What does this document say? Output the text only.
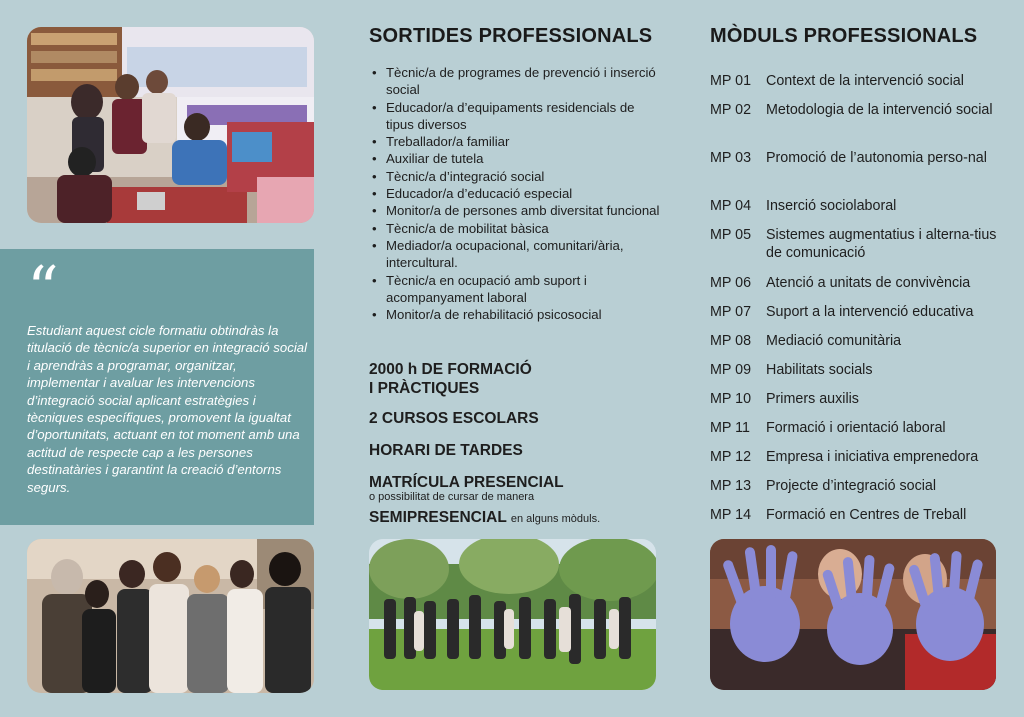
“
Estudiant aquest cicle formatiu obtindràs la titulació de tècnic/a superior en integració social i aprendràs a programar, organitzar, implementar i avaluar les intervencions d’integració social aplicant estratègies i tècniques específiques, promovent la igualtat d’oportunitats, actuant en tot moment amb una actitud de respecte cap a les persones destinatàries i garantint la creació d’entorns segurs.
SORTIDES PROFESSIONALS
• Tècnic/a de programes de prevenció i inserció social
• Educador/a d’equipaments residencials de tipus diversos
• Treballador/a familiar
• Auxiliar de tutela
• Tècnic/a d’integració social
• Educador/a d’educació especial
• Monitor/a de persones amb diversitat funcional
• Tècnic/a de mobilitat bàsica
• Mediador/a ocupacional, comunitari/ària, intercultural.
• Tècnic/a en ocupació amb suport i acompanyament laboral
• Monitor/a de rehabilitació psicosocial
2000 h DE FORMACIÓ
I PRÀCTIQUES
2 CURSOS ESCOLARS
HORARI DE TARDES
MATRÍCULA PRESENCIAL
o possibilitat de cursar de manera
SEMIPRESENCIAL en alguns mòduls.
MÒDULS PROFESSIONALS
MP 01	Context de la intervenció social
MP 02	Metodologia de la intervenció social
MP 03	Promoció de l’autonomia perso-nal
MP 04	Inserció sociolaboral
MP 05	Sistemes augmentatius i alterna-tius de comunicació
MP 06	Atenció a unitats de convivència
MP 07	Suport a la intervenció educativa
MP 08	Mediació comunitària
MP 09	Habilitats socials
MP 10	Primers auxilis
MP 11	Formació i orientació laboral
MP 12	Empresa i iniciativa emprenedora
MP 13	Projecte d’integració social
MP 14	Formació en Centres de Treball
